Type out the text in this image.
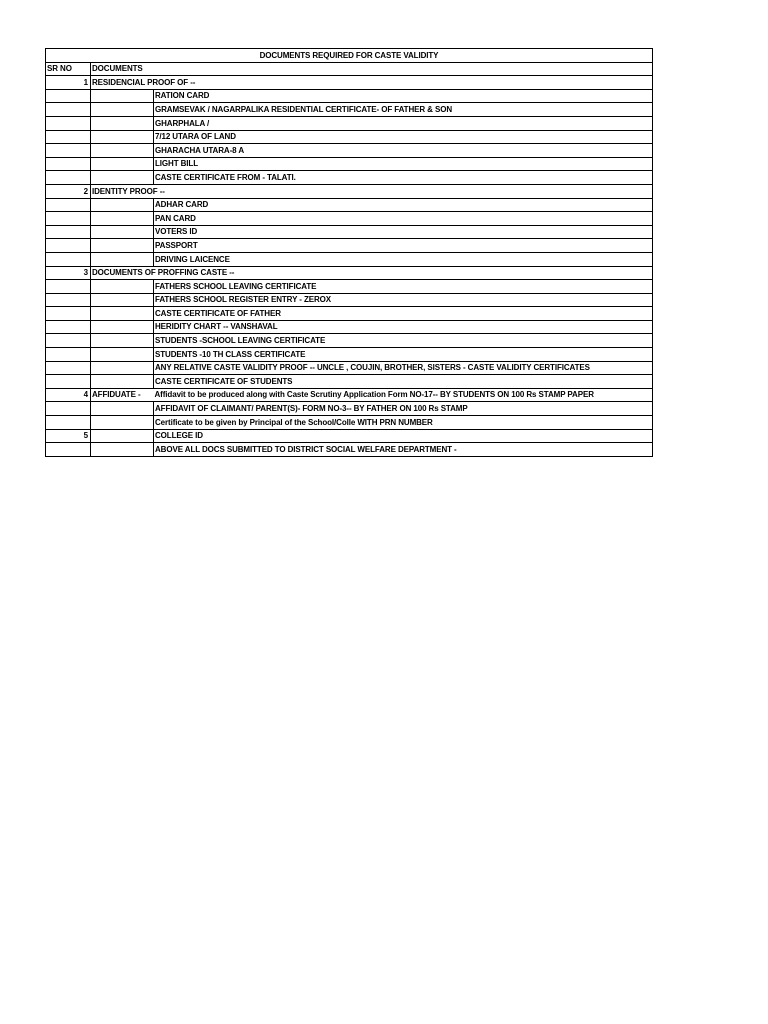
DOCUMENTS REQUIRED FOR CASTE VALIDITY		
SR NO	DOCUMENTS	
1	RESIDENCIAL PROOF OF --	
		RATION CARD
		GRAMSEVAK / NAGARPALIKA RESIDENTIAL CERTIFICATE- OF FATHER & SON
		GHARPHALA /
		7/12 UTARA OF LAND
		GHARACHA UTARA-8 A
		LIGHT BILL
		CASTE CERTIFICATE FROM - TALATI.
2	IDENTITY PROOF --	
		ADHAR CARD
		PAN CARD
		VOTERS ID
		PASSPORT
		DRIVING LAICENCE
3	DOCUMENTS OF PROFFING CASTE --	
		FATHERS SCHOOL LEAVING CERTIFICATE
		FATHERS SCHOOL REGISTER ENTRY - ZEROX
		CASTE CERTIFICATE OF FATHER
		HERIDITY CHART -- VANSHAVAL
		STUDENTS -SCHOOL LEAVING CERTIFICATE
		STUDENTS -10 TH CLASS CERTIFICATE
		ANY RELATIVE CASTE VALIDITY PROOF -- UNCLE , COUJIN, BROTHER, SISTERS - CASTE VALIDITY CERTIFICATES
		CASTE CERTIFICATE OF STUDENTS
4	AFFIDUATE -	Affidavit to be produced along with Caste Scrutiny Application Form NO-17-- BY STUDENTS ON 100 Rs STAMP PAPER
		AFFIDAVIT OF CLAIMANT/ PARENT(S)- FORM NO-3-- BY FATHER ON 100 Rs STAMP
		Certificate to be given by Principal of the School/Colle WITH PRN NUMBER
5		COLLEGE ID
		ABOVE ALL DOCS SUBMITTED TO DISTRICT SOCIAL WELFARE DEPARTMENT -
